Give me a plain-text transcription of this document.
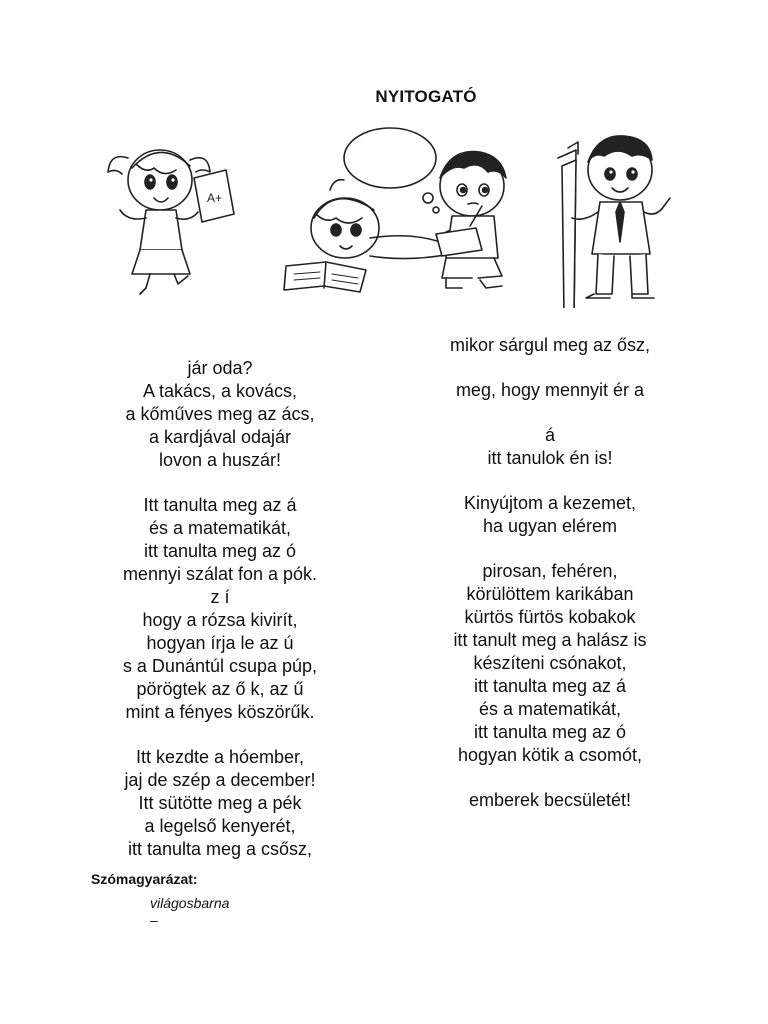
NYITOGATÓ
A+
jár oda?
A takács, a kovács,
a kőműves meg az ács,
a kardjával odajár
lovon a huszár!
Itt tanulta meg az á
és a matematikát,
itt tanulta meg az ó
mennyi szálat fon a pók.
z í
hogy a rózsa kivirít,
hogyan írja le az ú
s a Dunántúl csupa púp,
pörögtek az ő k, az ű
mint a fényes köszörűk.
Itt kezdte a hóember,
jaj de szép a december!
Itt sütötte meg a pék
a legelső kenyerét,
itt tanulta meg a csősz,
mikor sárgul meg az ősz,
meg, hogy mennyit ér a
á
itt tanulok én is!
Kinyújtom a kezemet,
ha ugyan elérem
pirosan, fehéren,
körülöttem karikában
kürtös fürtös kobakok
itt tanult meg a halász is
készíteni csónakot,
itt tanulta meg az á
és a matematikát,
itt tanulta meg az ó
hogyan kötik a csomót,
emberek becsületét!
Szómagyarázat:
világosbarna
–
